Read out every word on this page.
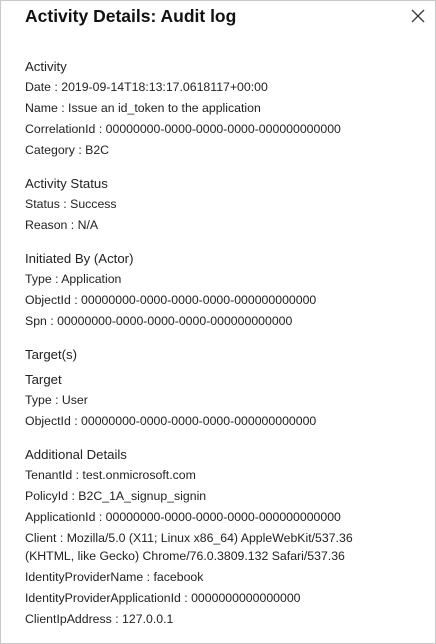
Activity Details: Audit log
Activity
Date : 2019-09-14T18:13:17.0618117+00:00
Name : Issue an id_token to the application
CorrelationId : 00000000-0000-0000-0000-000000000000
Category : B2C
Activity Status
Status : Success
Reason : N/A
Initiated By (Actor)
Type : Application
ObjectId : 00000000-0000-0000-0000-000000000000
Spn : 00000000-0000-0000-0000-000000000000
Target(s)
Target
Type : User
ObjectId : 00000000-0000-0000-0000-000000000000
Additional Details
TenantId : test.onmicrosoft.com
PolicyId : B2C_1A_signup_signin
ApplicationId : 00000000-0000-0000-0000-000000000000
Client : Mozilla/5.0 (X11; Linux x86_64) AppleWebKit/537.36
(KHTML, like Gecko) Chrome/76.0.3809.132 Safari/537.36
IdentityProviderName : facebook
IdentityProviderApplicationId : 0000000000000000
ClientIpAddress : 127.0.0.1
